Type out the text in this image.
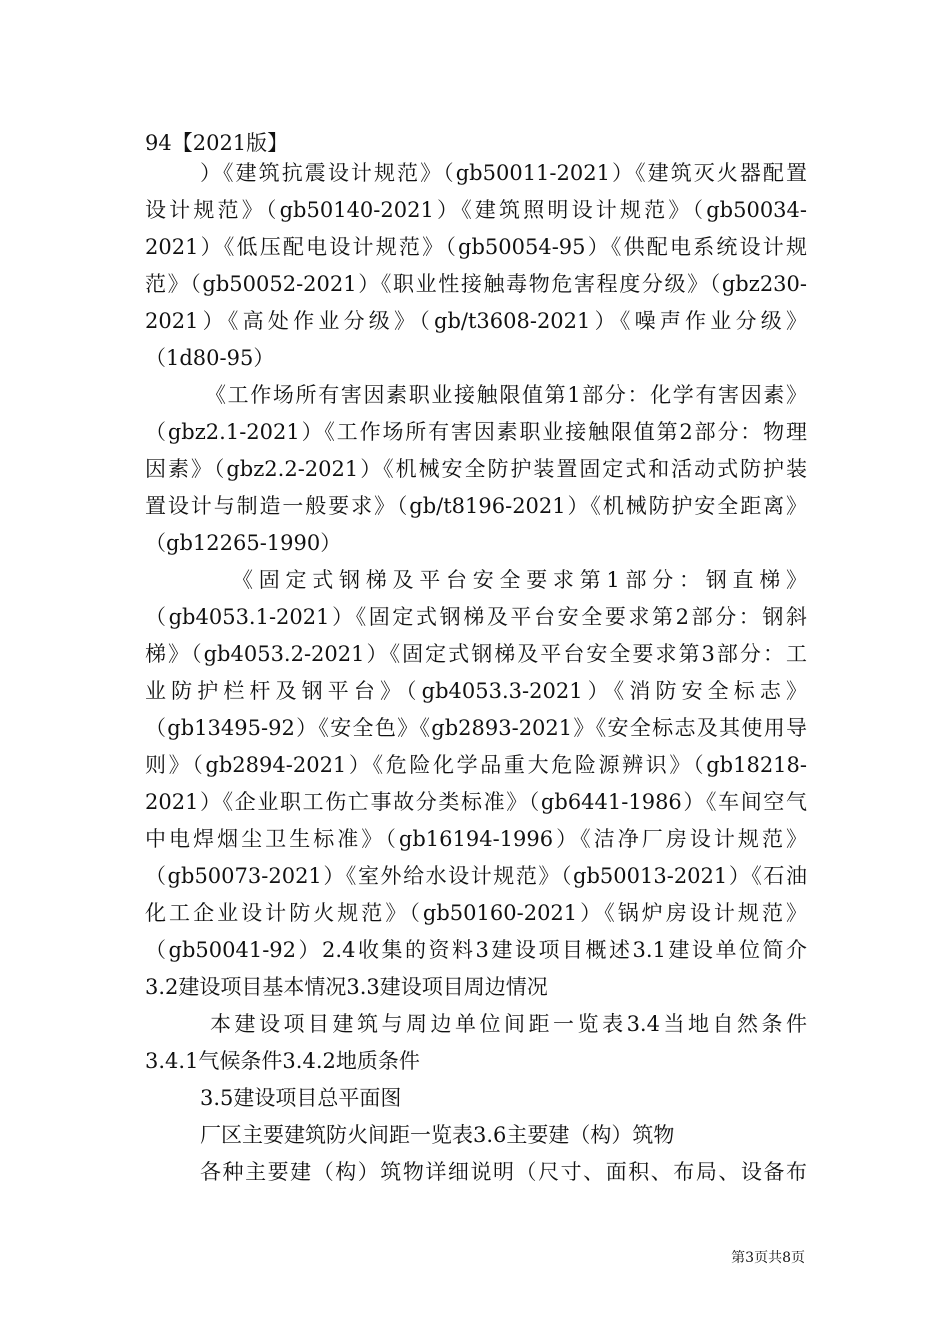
94【2021版】
）《建筑抗震设计规范》（gb50011-2021）《建筑灭火器配置
设计规范》（gb50140-2021）《建筑照明设计规范》（gb50034-
2021）《低压配电设计规范》（gb50054-95）《供配电系统设计规
范》（gb50052-2021）《职业性接触毒物危害程度分级》（gbz230-
2021）《高处作业分级》（gb/t3608-2021）《噪声作业分级》
（1d80-95）
《工作场所有害因素职业接触限值第1部分：化学有害因素》
（gbz2.1-2021）《工作场所有害因素职业接触限值第2部分：物理
因素》（gbz2.2-2021）《机械安全防护装置固定式和活动式防护装
置设计与制造一般要求》（gb/t8196-2021）《机械防护安全距离》
（gb12265-1990）
《固定式钢梯及平台安全要求第1部分：钢直梯》
（gb4053.1-2021）《固定式钢梯及平台安全要求第2部分：钢斜
梯》（gb4053.2-2021）《固定式钢梯及平台安全要求第3部分：工
业防护栏杆及钢平台》（gb4053.3-2021）《消防安全标志》
（gb13495-92）《安全色》《gb2893-2021》《安全标志及其使用导
则》（gb2894-2021）《危险化学品重大危险源辨识》（gb18218-
2021）《企业职工伤亡事故分类标准》（gb6441-1986）《车间空气
中电焊烟尘卫生标准》（gb16194-1996）《洁净厂房设计规范》
（gb50073-2021）《室外给水设计规范》（gb50013-2021）《石油
化工企业设计防火规范》（gb50160-2021）《锅炉房设计规范》
（gb50041-92）2.4收集的资料3建设项目概述3.1建设单位简介
3.2建设项目基本情况3.3建设项目周边情况
本建设项目建筑与周边单位间距一览表3.4当地自然条件
3.4.1气候条件3.4.2地质条件
3.5建设项目总平面图
厂区主要建筑防火间距一览表3.6主要建（构）筑物
各种主要建（构）筑物详细说明（尺寸、面积、布局、设备布
第3页共8页
